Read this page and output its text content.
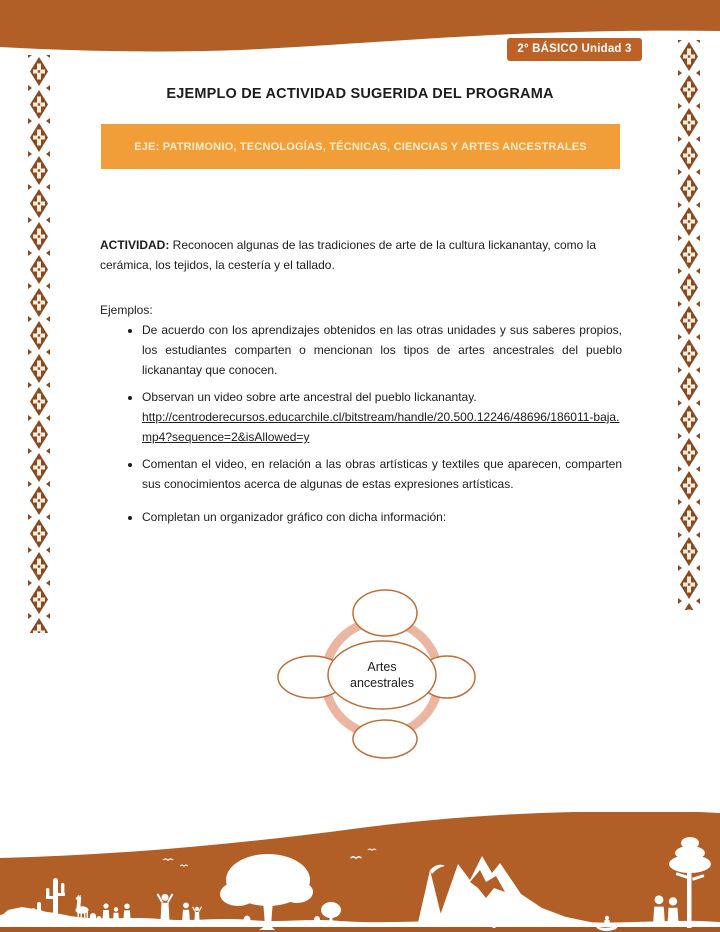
2° BÁSICO Unidad 3
EJEMPLO DE ACTIVIDAD SUGERIDA DEL PROGRAMA
EJE: PATRIMONIO, TECNOLOGÍAS, TÉCNICAS, CIENCIAS Y ARTES ANCESTRALES

ACTIVIDAD: Reconocen algunas de las tradiciones de arte de la cultura lickanantay, como la cerámica, los tejidos, la cestería y el tallado.

Ejemplos:

• De acuerdo con los aprendizajes obtenidos en las otras unidades y sus saberes propios, los estudiantes comparten o mencionan los tipos de artes ancestrales del pueblo lickanantay que conocen.
• Observan un video sobre arte ancestral del pueblo lickanantay.
http://centroderecursos.educarchile.cl/bitstream/handle/20.500.12246/48696/186011-baja.mp4?sequence=2&isAllowed=y
• Comentan el video, en relación a las obras artísticas y textiles que aparecen, comparten sus conocimientos acerca de algunas de estas expresiones artísticas.
• Completan un organizador gráfico con dicha información:
Artes ancestrales
